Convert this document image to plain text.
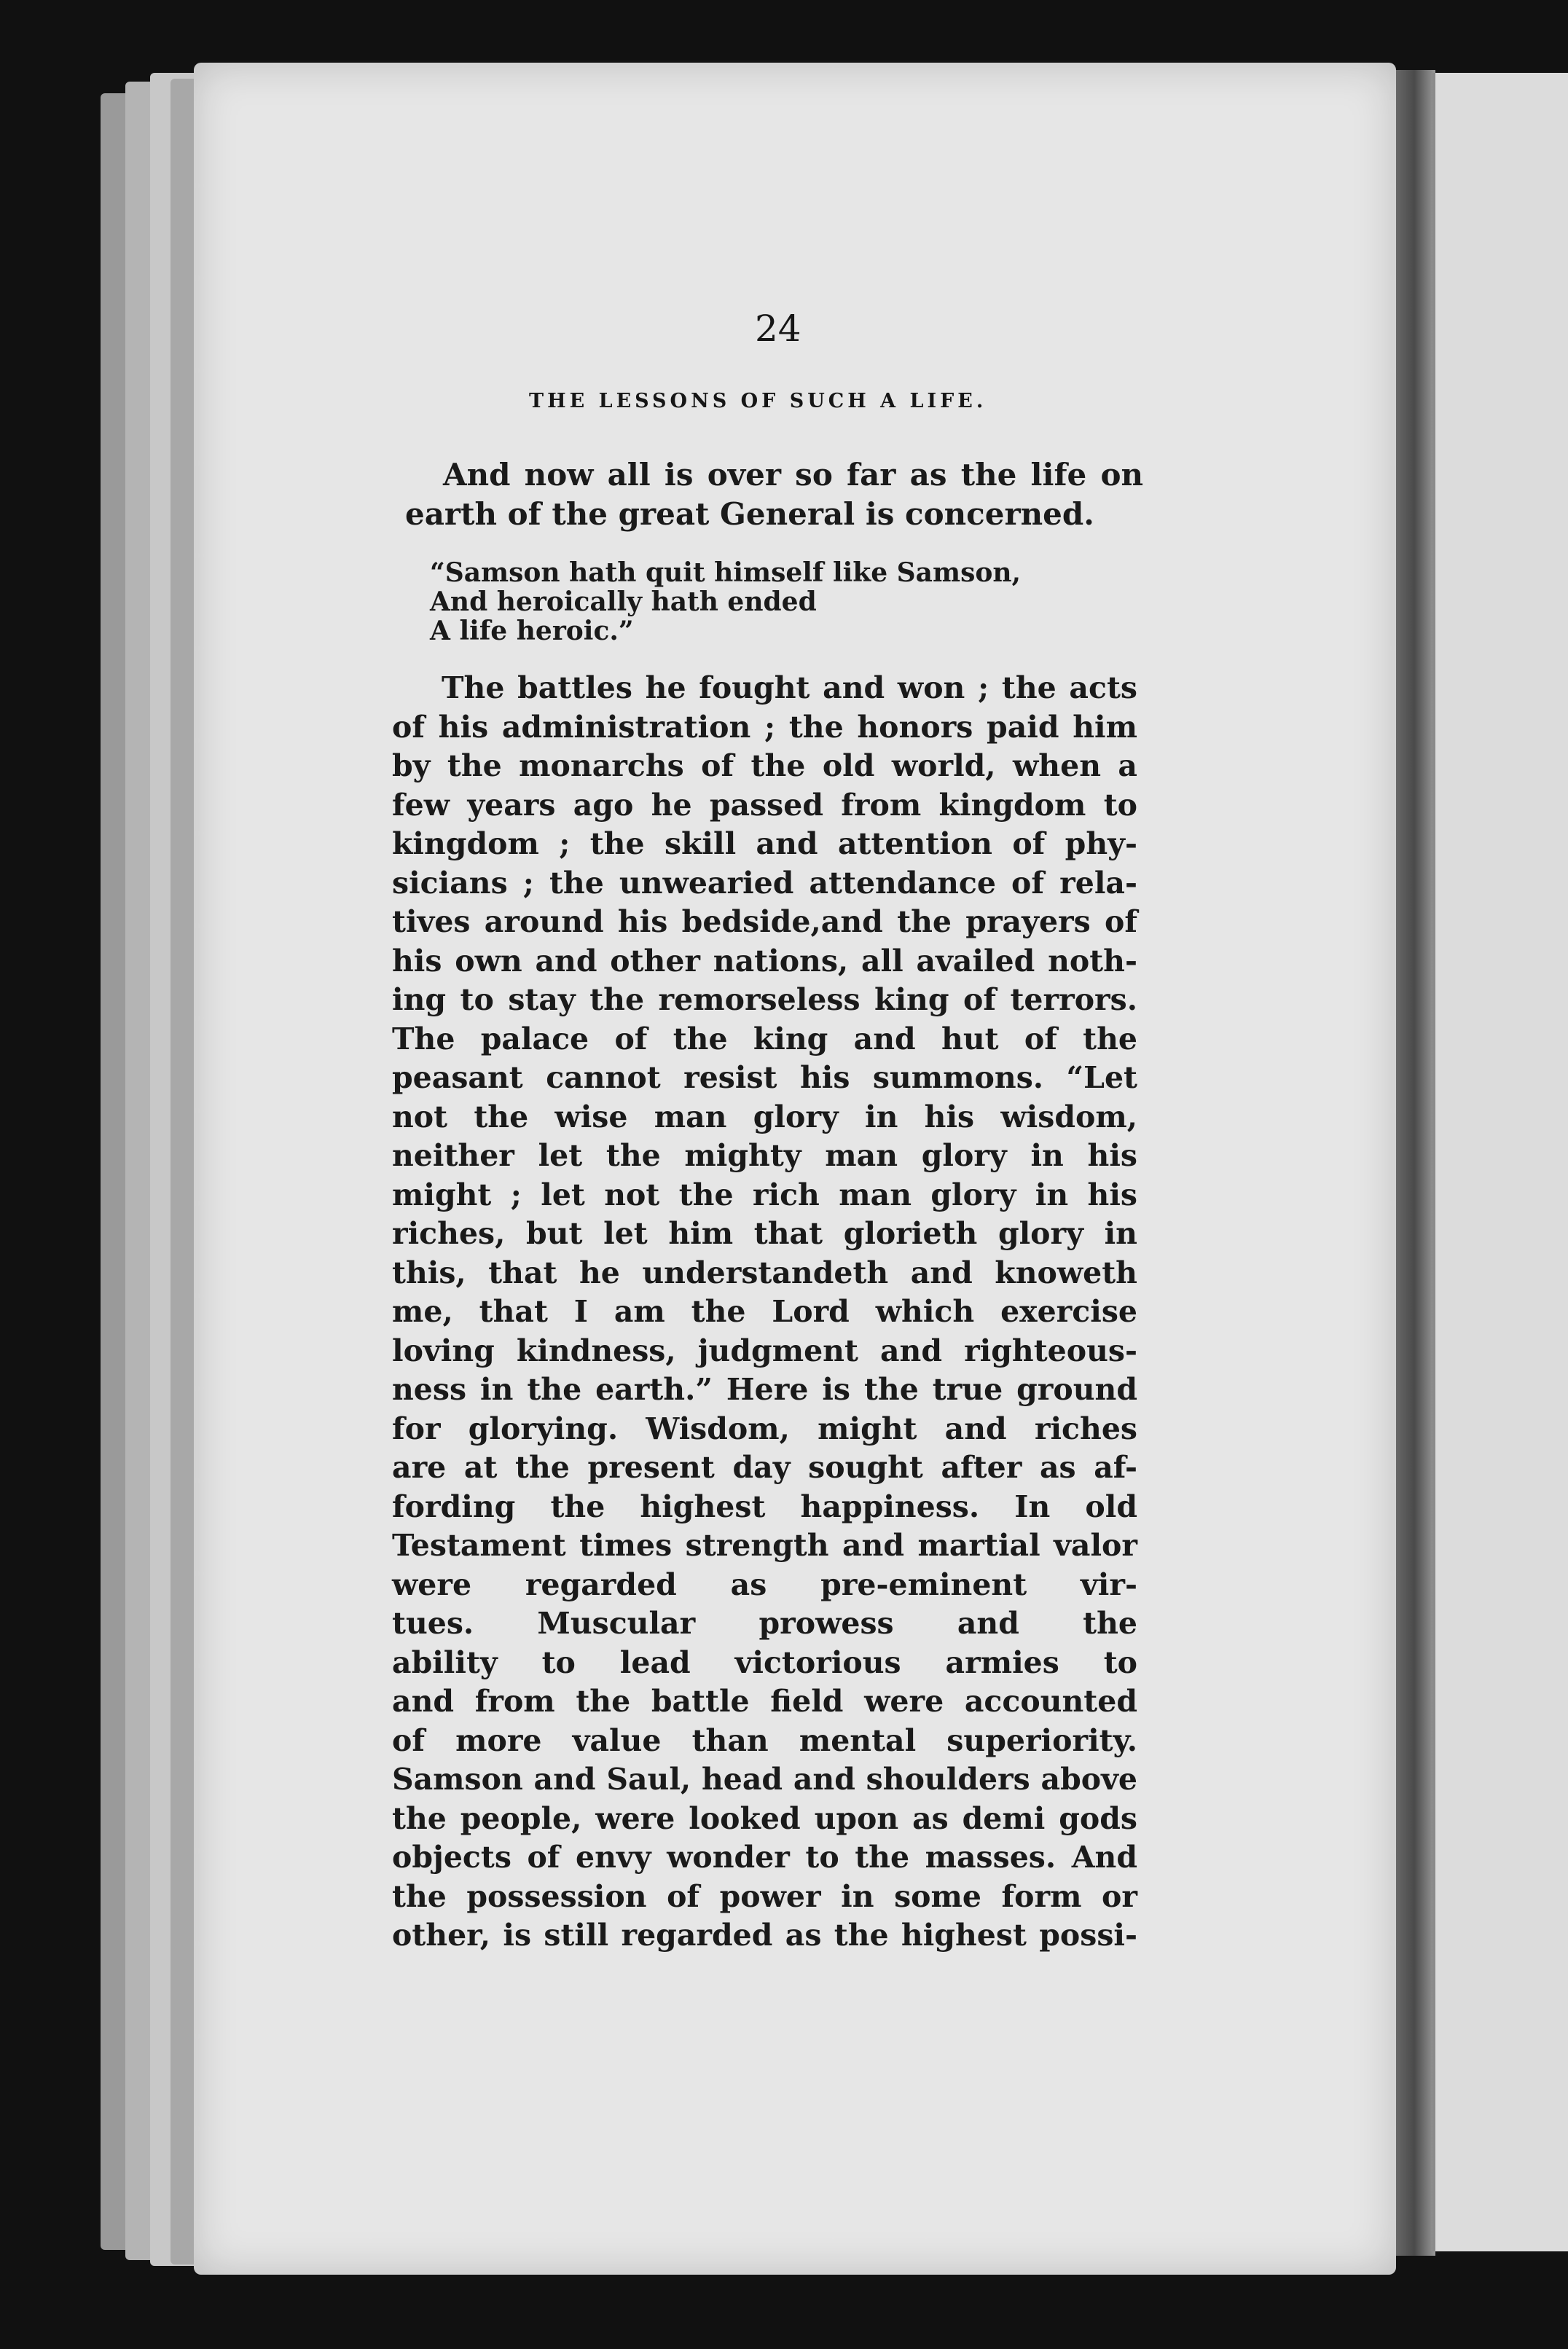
24
THE LESSONS OF SUCH A LIFE.
And now all is over so far as the life on
earth of the great General is concerned.
“Samson hath quit himself like Samson,
And heroically hath ended
A life heroic.”
The battles he fought and won ; the acts
of his administration ; the honors paid him
by the monarchs of the old world, when a
few years ago he passed from kingdom to
kingdom ; the skill and attention of phy-
sicians ; the unwearied attendance of rela-
tives around his bedside,and the prayers of
his own and other nations, all availed noth-
ing to stay the remorseless king of terrors.
The palace of the king and hut of the
peasant cannot resist his summons. “Let
not the wise man glory in his wisdom,
neither let the mighty man glory in his
might ; let not the rich man glory in his
riches, but let him that glorieth glory in
this, that he understandeth and knoweth
me, that I am the Lord which exercise
loving kindness, judgment and righteous-
ness in the earth.” Here is the true ground
for glorying. Wisdom, might and riches
are at the present day sought after as af-
fording the highest happiness. In old
Testament times strength and martial valor
were regarded as pre-eminent vir-
tues. Muscular prowess and the
ability to lead victorious armies to
and from the battle field were accounted
of more value than mental superiority.
Samson and Saul, head and shoulders above
the people, were looked upon as demi gods
objects of envy wonder to the masses. And
the possession of power in some form or
other, is still regarded as the highest possi-
